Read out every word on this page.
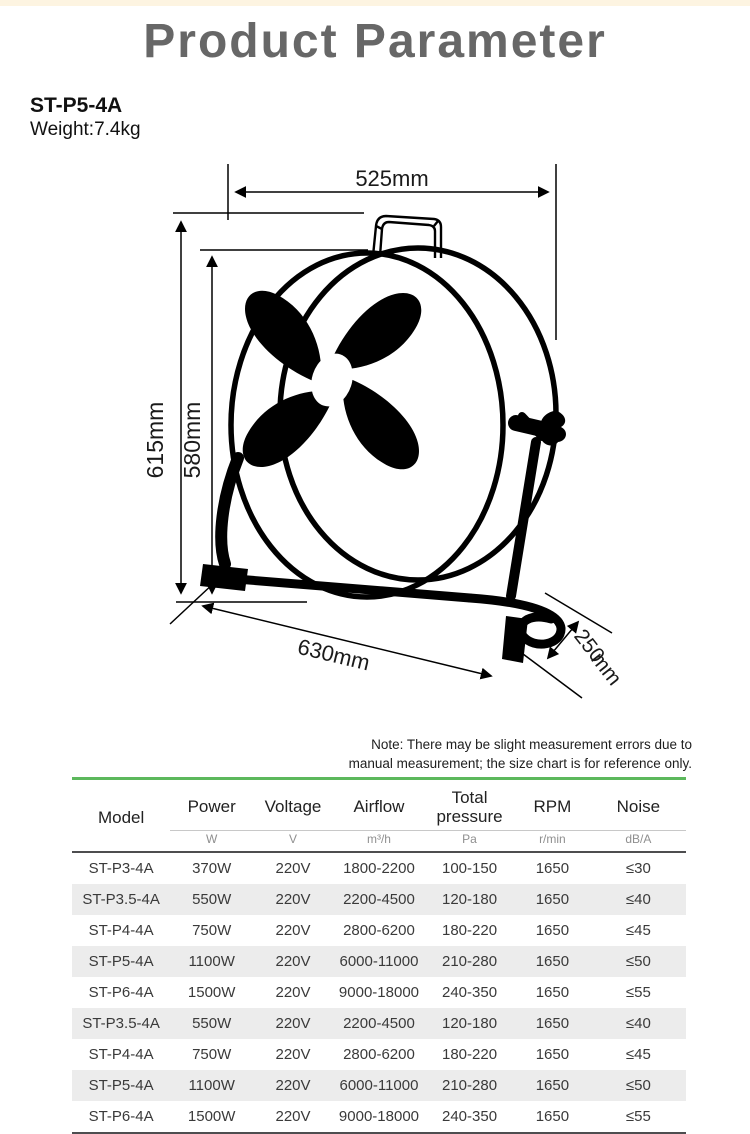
Product Parameter
ST-P5-4A
Weight:7.4kg
525mm
615mm 580mm
630mm	250
mm
Note: There may be slight measurement errors due to
manual measurement; the size chart is for reference only.
Model	Power	Voltage	Airflow	Total pressure	RPM	Noise
	W	V	m³/h	Pa	r/min	dB/A
ST-P3-4A	370W	220V	1800-2200	100-150	1650	≤30
ST-P3.5-4A	550W	220V	2200-4500	120-180	1650	≤40
ST-P4-4A	750W	220V	2800-6200	180-220	1650	≤45
ST-P5-4A	1100W	220V	6000-11000	210-280	1650	≤50
ST-P6-4A	1500W	220V	9000-18000	240-350	1650	≤55
ST-P3.5-4A	550W	220V	2200-4500	120-180	1650	≤40
ST-P4-4A	750W	220V	2800-6200	180-220	1650	≤45
ST-P5-4A	1100W	220V	6000-11000	210-280	1650	≤50
ST-P6-4A	1500W	220V	9000-18000	240-350	1650	≤55
